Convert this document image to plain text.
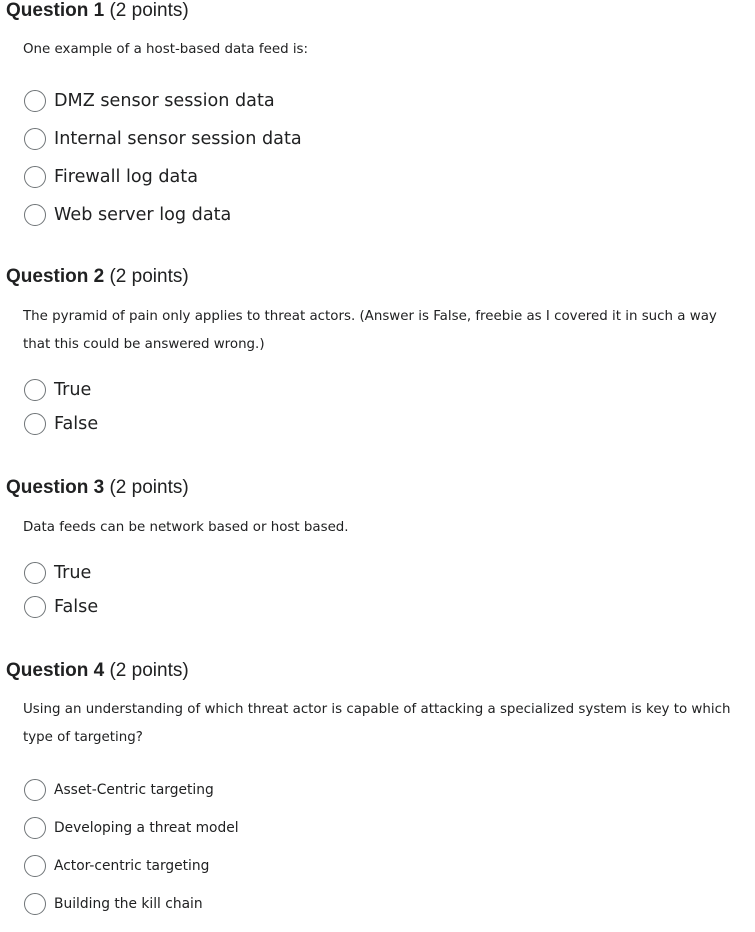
Question 1 (2 points)
One example of a host-based data feed is:
DMZ sensor session data
Internal sensor session data
Firewall log data
Web server log data
Question 2 (2 points)
The pyramid of pain only applies to threat actors. (Answer is False, freebie as I covered it in such a way that this could be answered wrong.)
True
False
Question 3 (2 points)
Data feeds can be network based or host based.
True
False
Question 4 (2 points)
Using an understanding of which threat actor is capable of attacking a specialized system is key to which type of targeting?
Asset-Centric targeting
Developing a threat model
Actor-centric targeting
Building the kill chain
